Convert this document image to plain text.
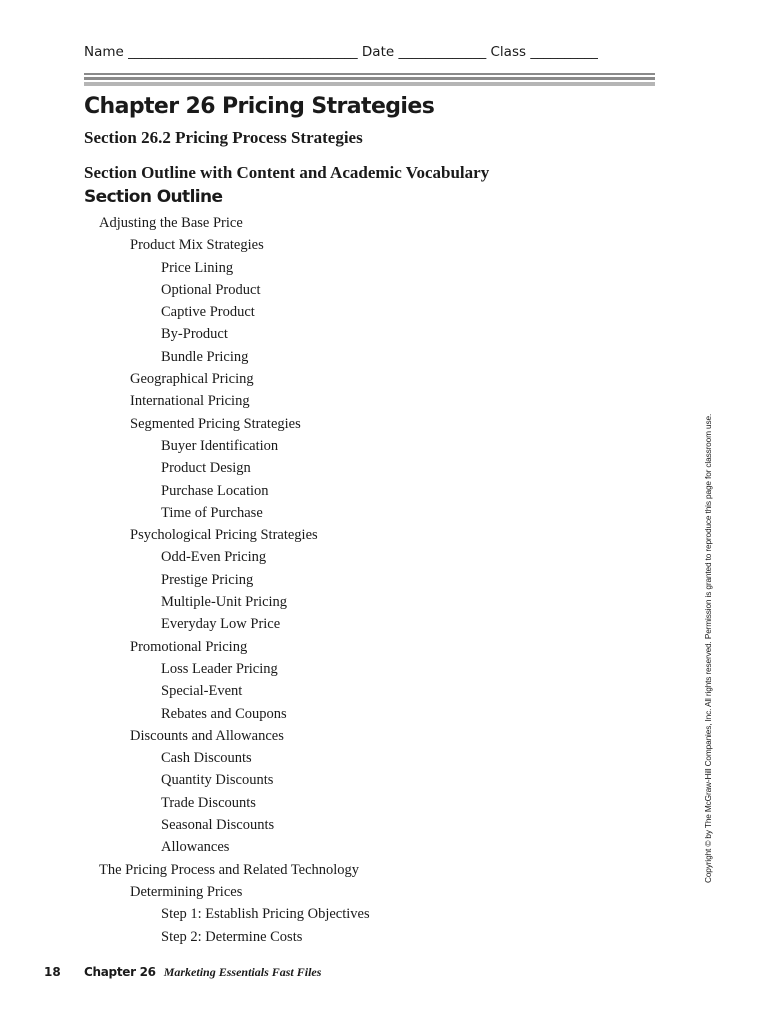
Name __________________________________ Date _____________ Class __________
Chapter 26 Pricing Strategies
Section 26.2 Pricing Process Strategies
Section Outline with Content and Academic Vocabulary
Section Outline
Adjusting the Base Price
Product Mix Strategies
Price Lining
Optional Product
Captive Product
By-Product
Bundle Pricing
Geographical Pricing
International Pricing
Segmented Pricing Strategies
Buyer Identification
Product Design
Purchase Location
Time of Purchase
Psychological Pricing Strategies
Odd-Even Pricing
Prestige Pricing
Multiple-Unit Pricing
Everyday Low Price
Promotional Pricing
Loss Leader Pricing
Special-Event
Rebates and Coupons
Discounts and Allowances
Cash Discounts
Quantity Discounts
Trade Discounts
Seasonal Discounts
Allowances
The Pricing Process and Related Technology
Determining Prices
Step 1: Establish Pricing Objectives
Step 2: Determine Costs
Copyright © by The McGraw-Hill Companies, Inc. All rights reserved. Permission is granted to reproduce this page for classroom use.
18 Chapter 26 Marketing Essentials Fast Files
